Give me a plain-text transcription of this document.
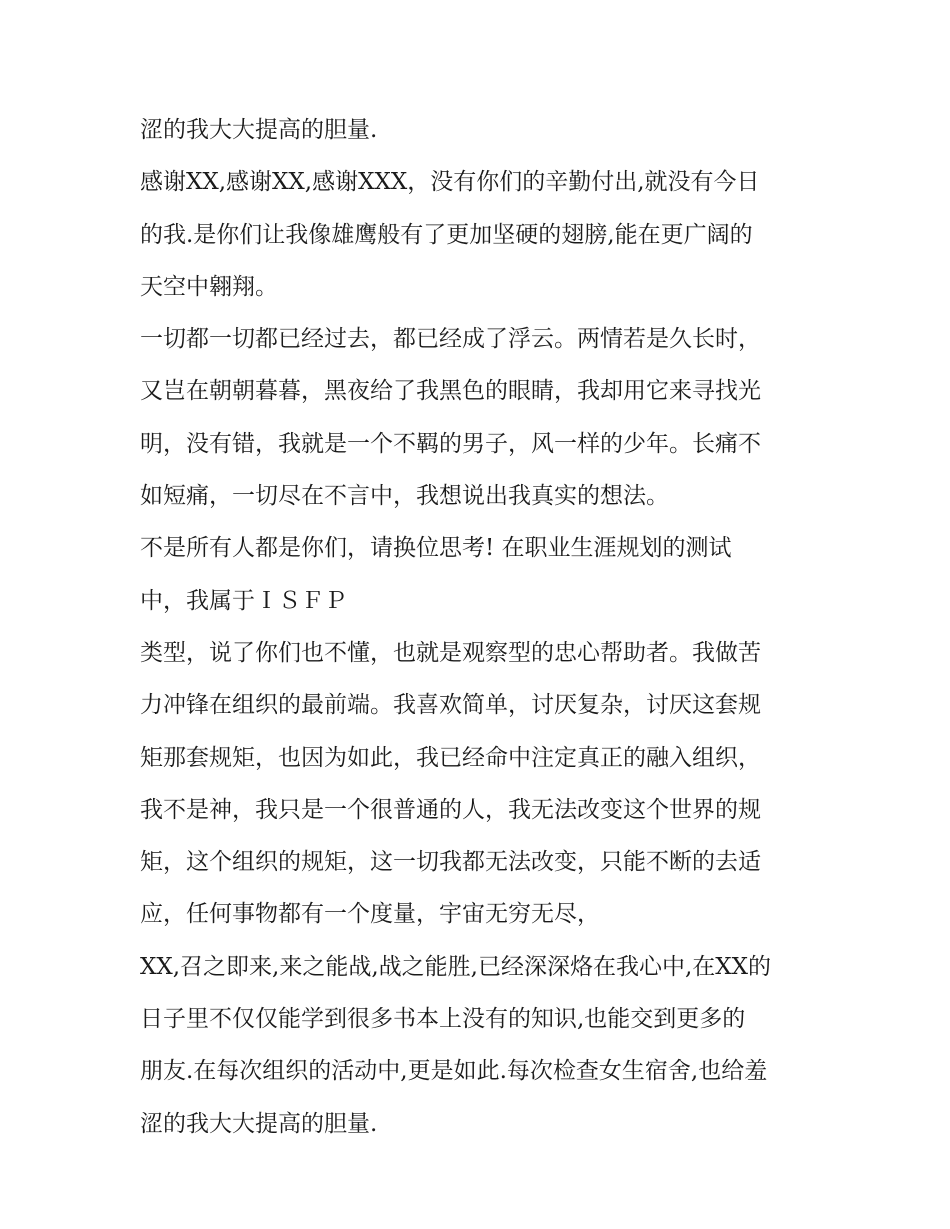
涩的我大大提高的胆量.
感谢XX,感谢XX,感谢XXX，没有你们的辛勤付出,就没有今日
的我.是你们让我像雄鹰般有了更加坚硬的翅膀,能在更广阔的
天空中翱翔。
一切都一切都已经过去，都已经成了浮云。两情若是久长时，
又岂在朝朝暮暮，黑夜给了我黑色的眼睛，我却用它来寻找光
明，没有错，我就是一个不羁的男子，风一样的少年。长痛不
如短痛，一切尽在不言中，我想说出我真实的想法。
不是所有人都是你们，请换位思考! 在职业生涯规划的测试
中，我属于ＩＳＦＰ
类型，说了你们也不懂，也就是观察型的忠心帮助者。我做苦
力冲锋在组织的最前端。我喜欢简单，讨厌复杂，讨厌这套规
矩那套规矩，也因为如此，我已经命中注定真正的融入组织，
我不是神，我只是一个很普通的人，我无法改变这个世界的规
矩，这个组织的规矩，这一切我都无法改变，只能不断的去适
应，任何事物都有一个度量，宇宙无穷无尽，
XX,召之即来,来之能战,战之能胜,已经深深烙在我心中,在XX的
日子里不仅仅能学到很多书本上没有的知识,也能交到更多的
朋友.在每次组织的活动中,更是如此.每次检查女生宿舍,也给羞
涩的我大大提高的胆量.
